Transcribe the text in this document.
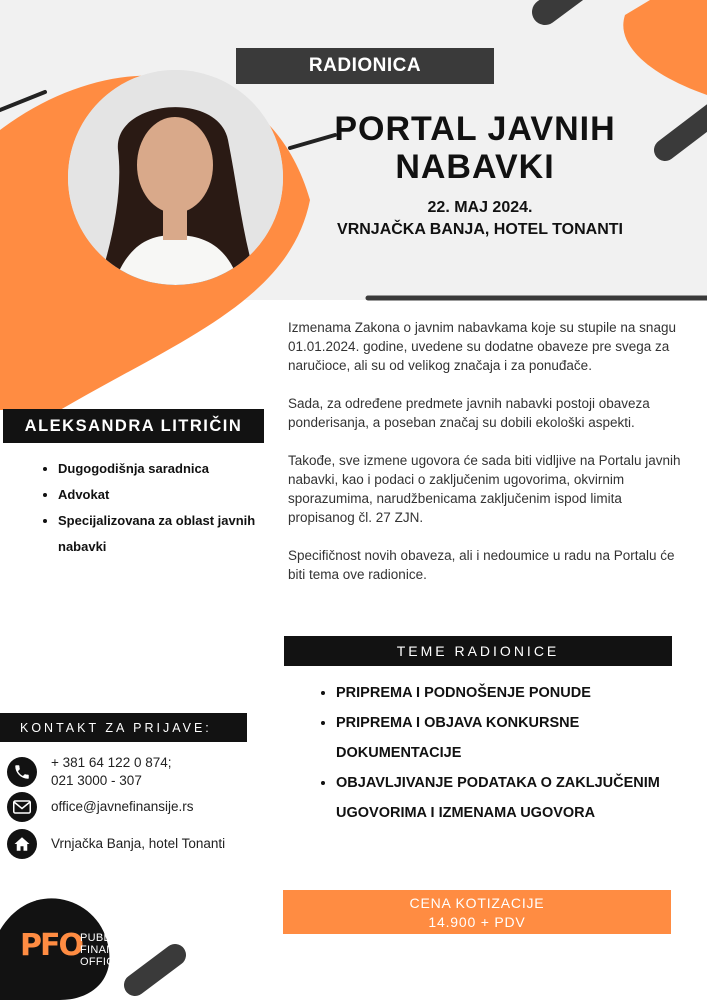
RADIONICA
PORTAL JAVNIH
NABAVKI
22. MAJ 2024.
VRNJAČKA BANJA, HOTEL TONANTI

Izmenama Zakona o javnim nabavkama koje su stupile na snagu 01.01.2024. godine, uvedene su dodatne obaveze pre svega za naručioce, ali su od velikog značaja i za ponuđače.

Sada, za određene predmete javnih nabavki postoji obaveza ponderisanja, a poseban značaj su dobili ekološki aspekti.

Takođe, sve izmene ugovora će sada biti vidljive na Portalu javnih nabavki, kao i podaci o zaključenim ugovorima, okvirnim sporazumima, narudžbenicama zaključenim ispod limita propisanog čl. 27 ZJN.

Specifičnost novih obaveza, ali i nedoumice u radu na Portalu će biti tema ove radionice.

ALEKSANDRA LITRIČIN
• Dugogodišnja saradnica
• Advokat
• Specijalizovana za oblast javnih nabavki
TEME RADIONICE
• PRIPREMA I PODNOŠENJE PONUDE
• PRIPREMA I OBJAVA KONKURSNE DOKUMENTACIJE
• OBJAVLJIVANJE PODATAKA O ZAKLJUČENIM UGOVORIMA I IZMENAMA UGOVORA
KONTAKT ZA PRIJAVE:
+ 381 64 122 0 874;
021 3000 - 307
office@javnefinansije.rs
Vrnjačka Banja, hotel Tonanti
CENA KOTIZACIJE
14.900 + PDV
PFO
PUBLIC
FINANCE
OFFICE
